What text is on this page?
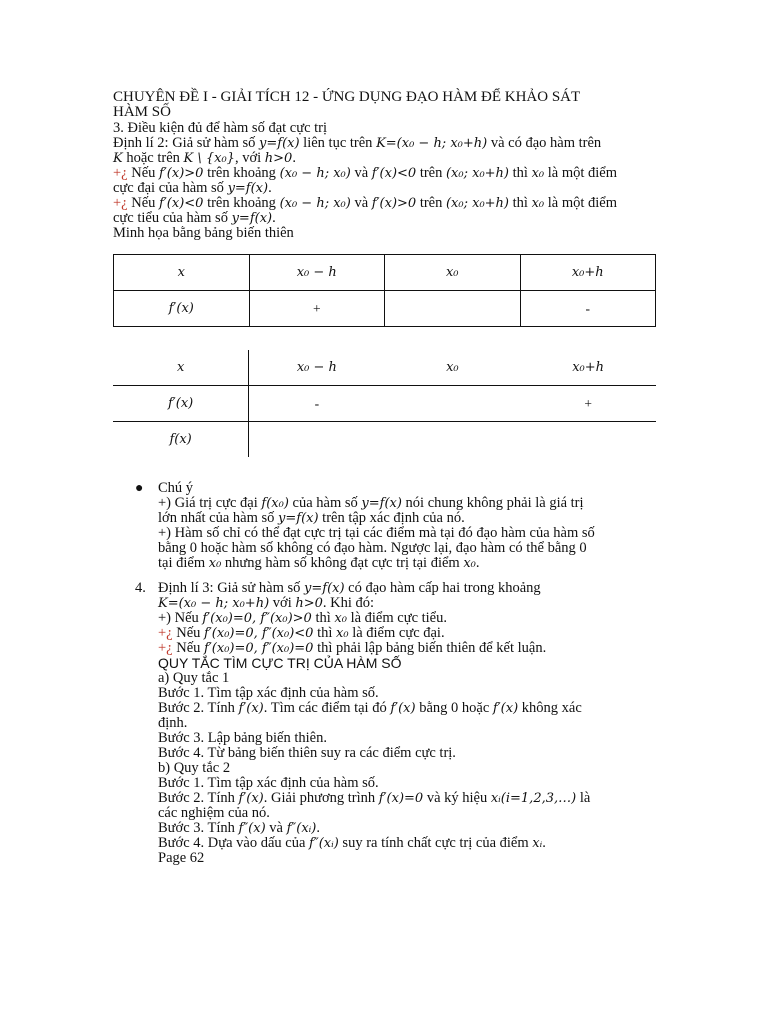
CHUYÊN ĐỀ I - GIẢI TÍCH 12 - ỨNG DỤNG ĐẠO HÀM ĐỂ KHẢO SÁT
HÀM SỐ

3. Điều kiện đủ để hàm số đạt cực trị

Định lí 2: Giả sử hàm số y=f(x) liên tục trên K=(x₀ − h; x₀+h) và có đạo hàm trên
K hoặc trên K \ {x₀}, với h>0.

+¿ Nếu f′(x)>0 trên khoảng (x₀ − h; x₀) và f′(x)<0 trên (x₀; x₀+h) thì x₀ là một điểm
cực đại của hàm số y=f(x).

+¿ Nếu f′(x)<0 trên khoảng (x₀ − h; x₀) và f′(x)>0 trên (x₀; x₀+h) thì x₀ là một điểm
cực tiểu của hàm số y=f(x).

Minh họa bằng bảng biến thiên

x	x₀ − h	x₀	x₀+h
f′(x)	+		-
x	x₀ − h	x₀	x₀+h
f′(x)	-		+
f(x)			
● Chú ý

+) Giá trị cực đại f(x₀) của hàm số y=f(x) nói chung không phải là giá trị
lớn nhất của hàm số y=f(x) trên tập xác định của nó.

+) Hàm số chỉ có thể đạt cực trị tại các điểm mà tại đó đạo hàm của hàm số
bằng 0 hoặc hàm số không có đạo hàm. Ngược lại, đạo hàm có thể bằng 0
tại điểm x₀ nhưng hàm số không đạt cực trị tại điểm x₀.

4. Định lí 3: Giả sử hàm số y=f(x) có đạo hàm cấp hai trong khoảng
K=(x₀ − h; x₀+h) với h>0. Khi đó:

+) Nếu f′(x₀)=0, f″(x₀)>0 thì x₀ là điểm cực tiểu.

+¿ Nếu f′(x₀)=0, f″(x₀)<0 thì x₀ là điểm cực đại.

+¿ Nếu f′(x₀)=0, f″(x₀)=0 thì phải lập bảng biến thiên để kết luận.

QUY TẮC TÌM CỰC TRỊ CỦA HÀM SỐ

a) Quy tắc 1

Bước 1. Tìm tập xác định của hàm số.

Bước 2. Tính f′(x). Tìm các điểm tại đó f′(x) bằng 0 hoặc f′(x) không xác
định.

Bước 3. Lập bảng biến thiên.

Bước 4. Từ bảng biến thiên suy ra các điểm cực trị.

b) Quy tắc 2

Bước 1. Tìm tập xác định của hàm số.

Bước 2. Tính f′(x). Giải phương trình f′(x)=0 và ký hiệu xᵢ(i=1,2,3,…) là
các nghiệm của nó.

Bước 3. Tính f″(x) và f″(xᵢ).

Bước 4. Dựa vào dấu của f″(xᵢ) suy ra tính chất cực trị của điểm xᵢ.

Page 62
